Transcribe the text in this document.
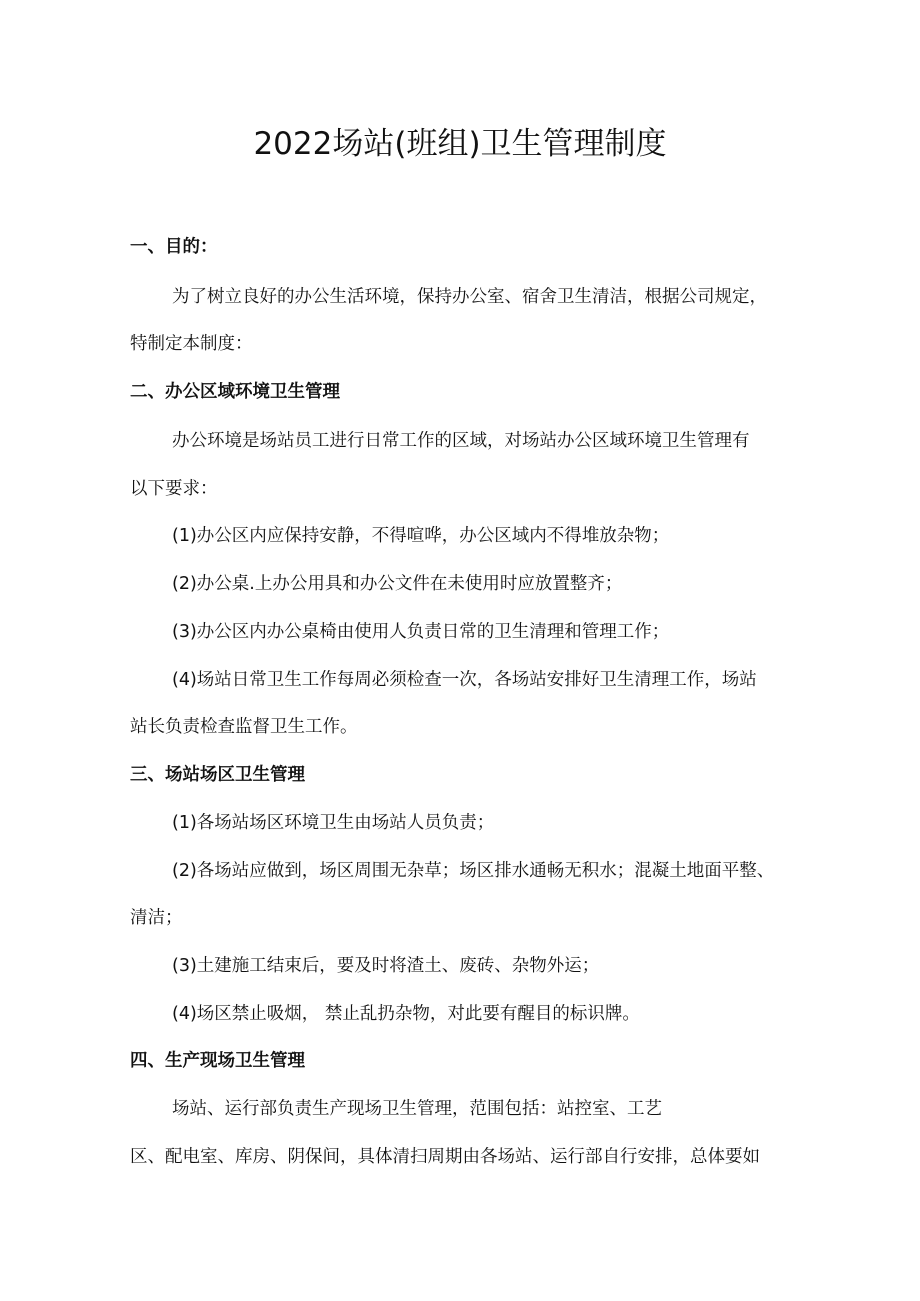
2022场站(班组)卫生管理制度
一、目的：
为了树立良好的办公生活环境，保持办公室、宿舍卫生清洁，根据公司规定，
特制定本制度：
二、办公区域环境卫生管理
办公环境是场站员工进行日常工作的区域，对场站办公区域环境卫生管理有
以下要求：
(1)办公区内应保持安静，不得喧哗，办公区域内不得堆放杂物；
(2)办公桌.上办公用具和办公文件在未使用时应放置整齐；
(3)办公区内办公桌椅由使用人负责日常的卫生清理和管理工作；
(4)场站日常卫生工作每周必须检查一次，各场站安排好卫生清理工作，场站
站长负责检查监督卫生工作。
三、场站场区卫生管理
(1)各场站场区环境卫生由场站人员负责；
(2)各场站应做到，场区周围无杂草；场区排水通畅无积水；混凝土地面平整、
清洁；
(3)土建施工结束后，要及时将渣土、废砖、杂物外运；
(4)场区禁止吸烟， 禁止乱扔杂物，对此要有醒目的标识牌。
四、生产现场卫生管理
场站、运行部负责生产现场卫生管理，范围包括：站控室、工艺
区、配电室、库房、阴保间，具体清扫周期由各场站、运行部自行安排，总体要如
